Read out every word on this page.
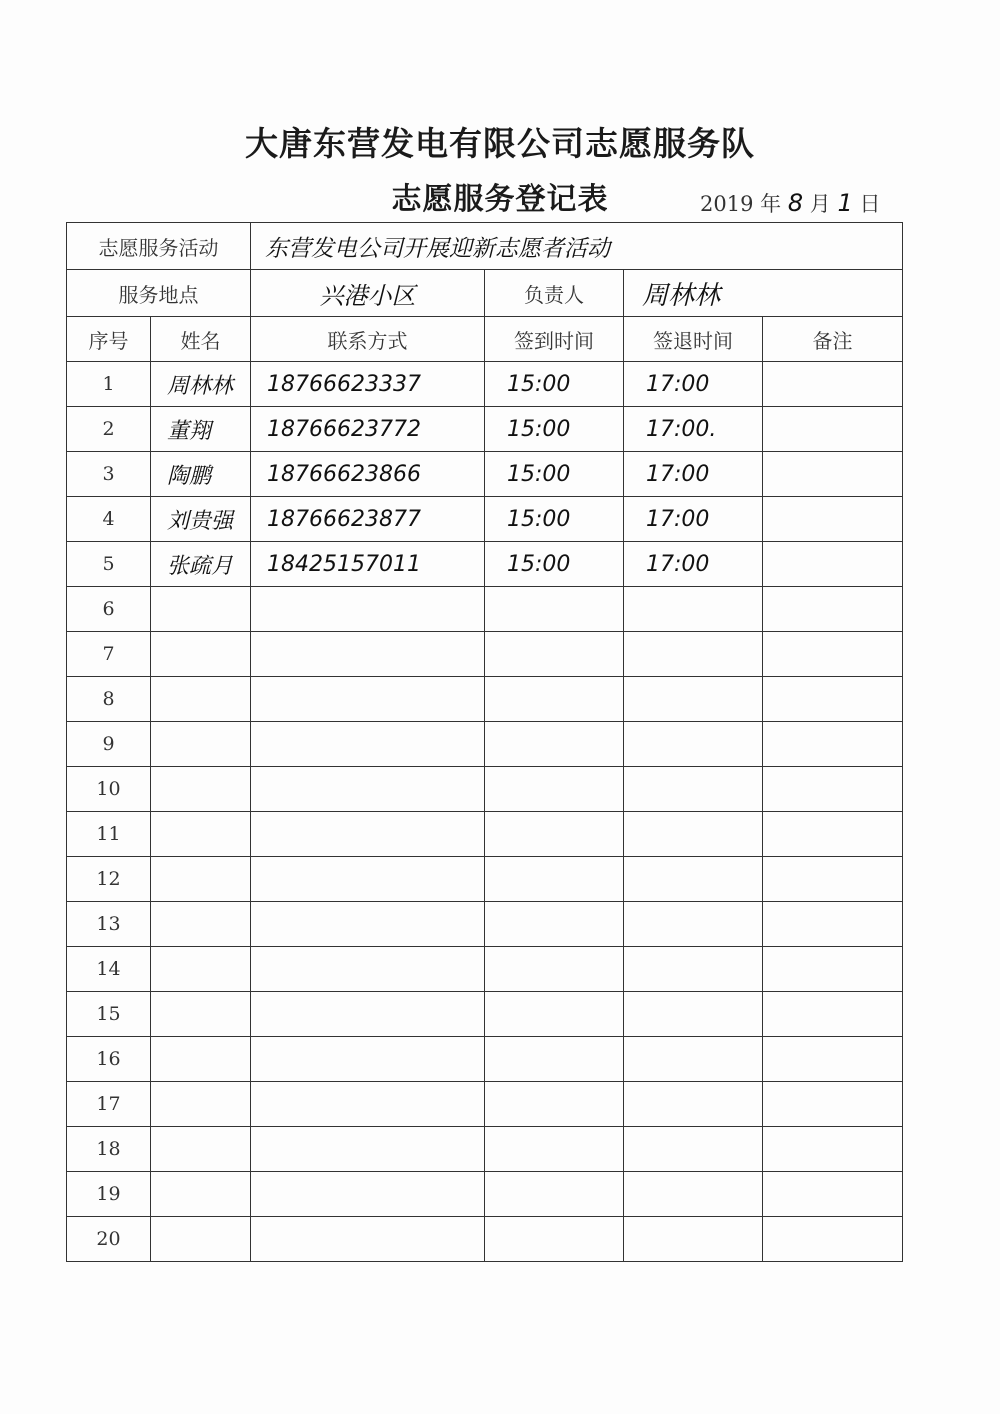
大唐东营发电有限公司志愿服务队
志愿服务登记表	2019 年 8 月 1 日
志愿服务活动		东营发电公司开展迎新志愿者活动			
服务地点		兴港小区	负责人	周林林	
序号	姓名	联系方式	签到时间	签退时间	备注
1	周林林	18766623337	15:00	17:00	
2	董翔	18766623772	15:00	17:00.	
3	陶鹏	18766623866	15:00	17:00	
4	刘贵强	18766623877	15:00	17:00	
5	张疏月	18425157011	15:00	17:00	
6					
7					
8					
9					
10					
11					
12					
13					
14					
15					
16					
17					
18					
19					
20					
